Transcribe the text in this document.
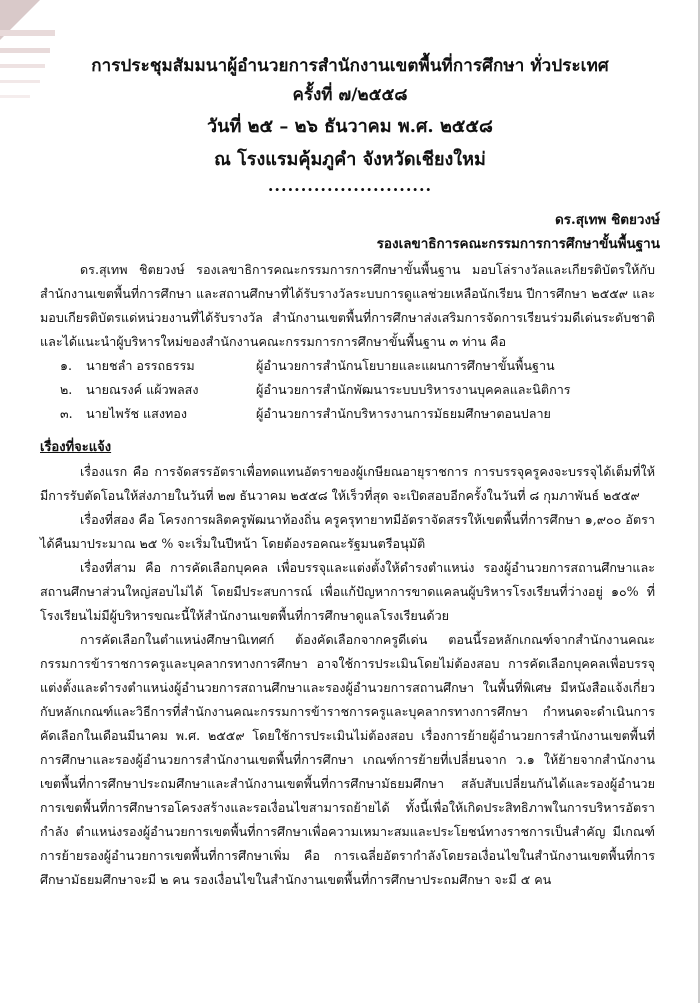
การประชุมสัมมนาผู้อำนวยการสำนักงานเขตพื้นที่การศึกษา ทั่วประเทศ
ครั้งที่ ๗/๒๕๕๘
วันที่ ๒๕ – ๒๖ ธันวาคม พ.ศ. ๒๕๕๘
ณ โรงแรมคุ้มภูคำ จังหวัดเชียงใหม่
.........................
ดร.สุเทพ ชิตยวงษ์
รองเลขาธิการคณะกรรมการการศึกษาขั้นพื้นฐาน

ดร.สุเทพ ชิตยวงษ์ รองเลขาธิการคณะกรรมการการศึกษาขั้นพื้นฐาน มอบโล่รางวัลและเกียรติบัตรให้กับสำนักงานเขตพื้นที่การศึกษา และสถานศึกษาที่ได้รับรางวัลระบบการดูแลช่วยเหลือนักเรียน ปีการศึกษา ๒๕๕๙ และมอบเกียรติบัตรแด่หน่วยงานที่ได้รับรางวัล สำนักงานเขตพื้นที่การศึกษาส่งเสริมการจัดการเรียนร่วมดีเด่นระดับชาติ และได้แนะนำผู้บริหารใหม่ของสำนักงานคณะกรรมการการศึกษาขั้นพื้นฐาน ๓ ท่าน คือ

๑.	นายชลำ อรรถธรรม	ผู้อำนวยการสำนักนโยบายและแผนการศึกษาขั้นพื้นฐาน
๒.	นายณรงค์ แผ้วพลสง	ผู้อำนวยการสำนักพัฒนาระบบบริหารงานบุคคลและนิติการ
๓.	นายไพรัช แสงทอง	ผู้อำนวยการสำนักบริหารงานการมัธยมศึกษาตอนปลาย
เรื่องที่จะแจ้ง

เรื่องแรก คือ การจัดสรรอัตราเพื่อทดแทนอัตราของผู้เกษียณอายุราชการ การบรรจุครูคงจะบรรจุได้เต็มที่ให้มีการรับตัดโอนให้ส่งภายในวันที่ ๒๗ ธันวาคม ๒๕๕๘ ให้เร็วที่สุด จะเปิดสอบอีกครั้งในวันที่ ๘ กุมภาพันธ์ ๒๕๕๙

เรื่องที่สอง คือ โครงการผลิตครูพัฒนาท้องถิ่น ครูครุทายาทมีอัตราจัดสรรให้เขตพื้นที่การศึกษา ๑,๙๐๐ อัตรา ได้คืนมาประมาณ ๒๕ % จะเริ่มในปีหน้า โดยต้องรอคณะรัฐมนตรีอนุมัติ

เรื่องที่สาม คือ การคัดเลือกบุคคล เพื่อบรรจุและแต่งตั้งให้ดำรงตำแหน่ง รองผู้อำนวยการสถานศึกษาและสถานศึกษาส่วนใหญ่สอบไม่ได้ โดยมีประสบการณ์ เพื่อแก้ปัญหาการขาดแคลนผู้บริหารโรงเรียนที่ว่างอยู่ ๑๐% ที่โรงเรียนไม่มีผู้บริหารขณะนี้ให้สำนักงานเขตพื้นที่การศึกษาดูแลโรงเรียนด้วย

การคัดเลือกในตำแหน่งศึกษานิเทศก์ ต้องคัดเลือกจากครูดีเด่น ตอนนี้รอหลักเกณฑ์จากสำนักงานคณะกรรมการข้าราชการครูและบุคลากรทางการศึกษา อาจใช้การประเมินโดยไม่ต้องสอบ การคัดเลือกบุคคลเพื่อบรรจุแต่งตั้งและดำรงตำแหน่งผู้อำนวยการสถานศึกษาและรองผู้อำนวยการสถานศึกษา ในพื้นที่พิเศษ มีหนังสือแจ้งเกี่ยวกับหลักเกณฑ์และวิธีการที่สำนักงานคณะกรรมการข้าราชการครูและบุคลากรทางการศึกษา กำหนดจะดำเนินการคัดเลือกในเดือนมีนาคม พ.ศ. ๒๕๕๙ โดยใช้การประเมินไม่ต้องสอบ เรื่องการย้ายผู้อำนวยการสำนักงานเขตพื้นที่การศึกษาและรองผู้อำนวยการสำนักงานเขตพื้นที่การศึกษา เกณฑ์การย้ายที่เปลี่ยนจาก ว.๑ ให้ย้ายจากสำนักงานเขตพื้นที่การศึกษาประถมศึกษาและสำนักงานเขตพื้นที่การศึกษามัธยมศึกษา สลับสับเปลี่ยนกันได้และรองผู้อำนวยการเขตพื้นที่การศึกษารอโครงสร้างและรอเงื่อนไขสามารถย้ายได้ ทั้งนี้เพื่อให้เกิดประสิทธิภาพในการบริหารอัตรากำลัง ตำแหน่งรองผู้อำนวยการเขตพื้นที่การศึกษาเพื่อความเหมาะสมและประโยชน์ทางราชการเป็นสำคัญ มีเกณฑ์การย้ายรองผู้อำนวยการเขตพื้นที่การศึกษาเพิ่ม คือ การเฉลี่ยอัตรากำลังโดยรอเงื่อนไขในสำนักงานเขตพื้นที่การศึกษามัธยมศึกษาจะมี ๒ คน รองเงื่อนไขในสำนักงานเขตพื้นที่การศึกษาประถมศึกษา จะมี ๕ คน
